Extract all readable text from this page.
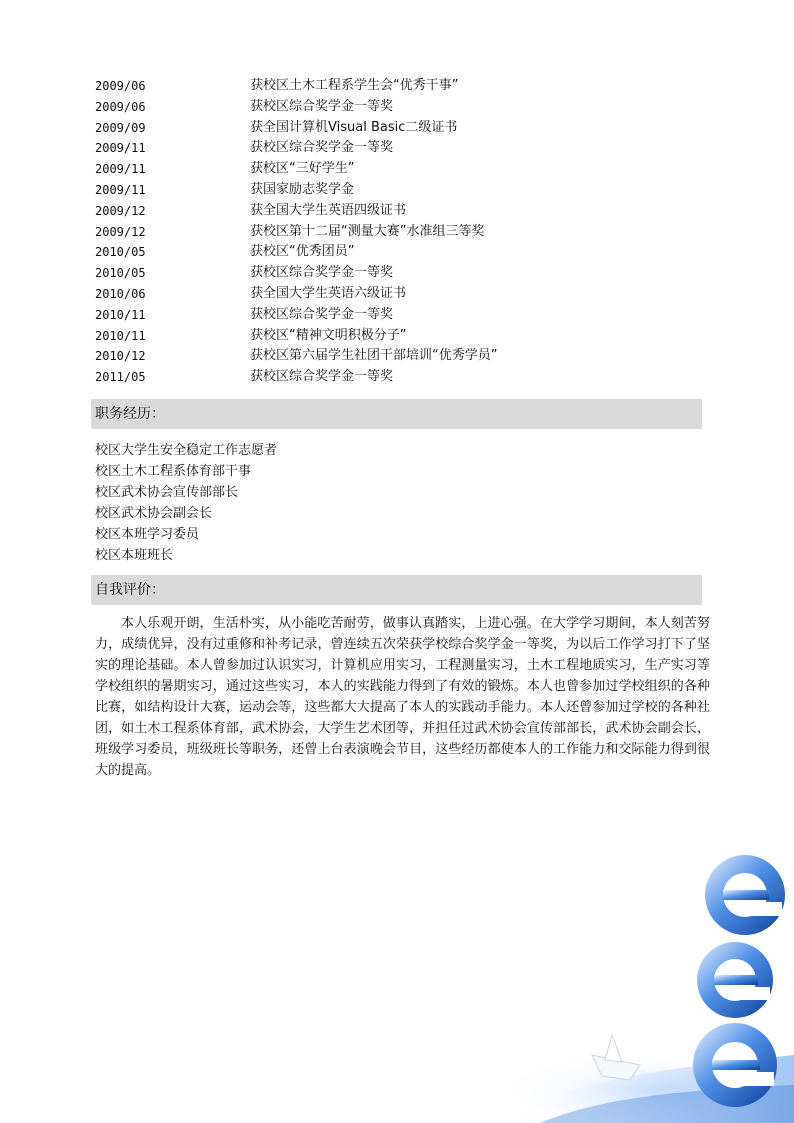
2009/06	获校区土木工程系学生会“优秀干事”
2009/06	获校区综合奖学金一等奖
2009/09	获全国计算机Visual Basic二级证书
2009/11	获校区综合奖学金一等奖
2009/11	获校区“三好学生”
2009/11	获国家励志奖学金
2009/12	获全国大学生英语四级证书
2009/12	获校区第十二届“测量大赛”水准组三等奖
2010/05	获校区“优秀团员”
2010/05	获校区综合奖学金一等奖
2010/06	获全国大学生英语六级证书
2010/11	获校区综合奖学金一等奖
2010/11	获校区“精神文明积极分子”
2010/12	获校区第六届学生社团干部培训“优秀学员”
2011/05	获校区综合奖学金一等奖
职务经历：
校区大学生安全稳定工作志愿者
校区土木工程系体育部干事
校区武术协会宣传部部长
校区武术协会副会长
校区本班学习委员
校区本班班长
自我评价：
本人乐观开朗，生活朴实，从小能吃苦耐劳，做事认真踏实，上进心强。在大学学习期间，本人刻苦努力，成绩优异，没有过重修和补考记录，曾连续五次荣获学校综合奖学金一等奖，为以后工作学习打下了坚实的理论基础。本人曾参加过认识实习，计算机应用实习，工程测量实习，土木工程地质实习，生产实习等学校组织的暑期实习，通过这些实习，本人的实践能力得到了有效的锻炼。本人也曾参加过学校组织的各种比赛，如结构设计大赛，运动会等，这些都大大提高了本人的实践动手能力。本人还曾参加过学校的各种社团，如土木工程系体育部，武术协会，大学生艺术团等，并担任过武术协会宣传部部长，武术协会副会长，班级学习委员，班级班长等职务，还曾上台表演晚会节目，这些经历都使本人的工作能力和交际能力得到很大的提高。
